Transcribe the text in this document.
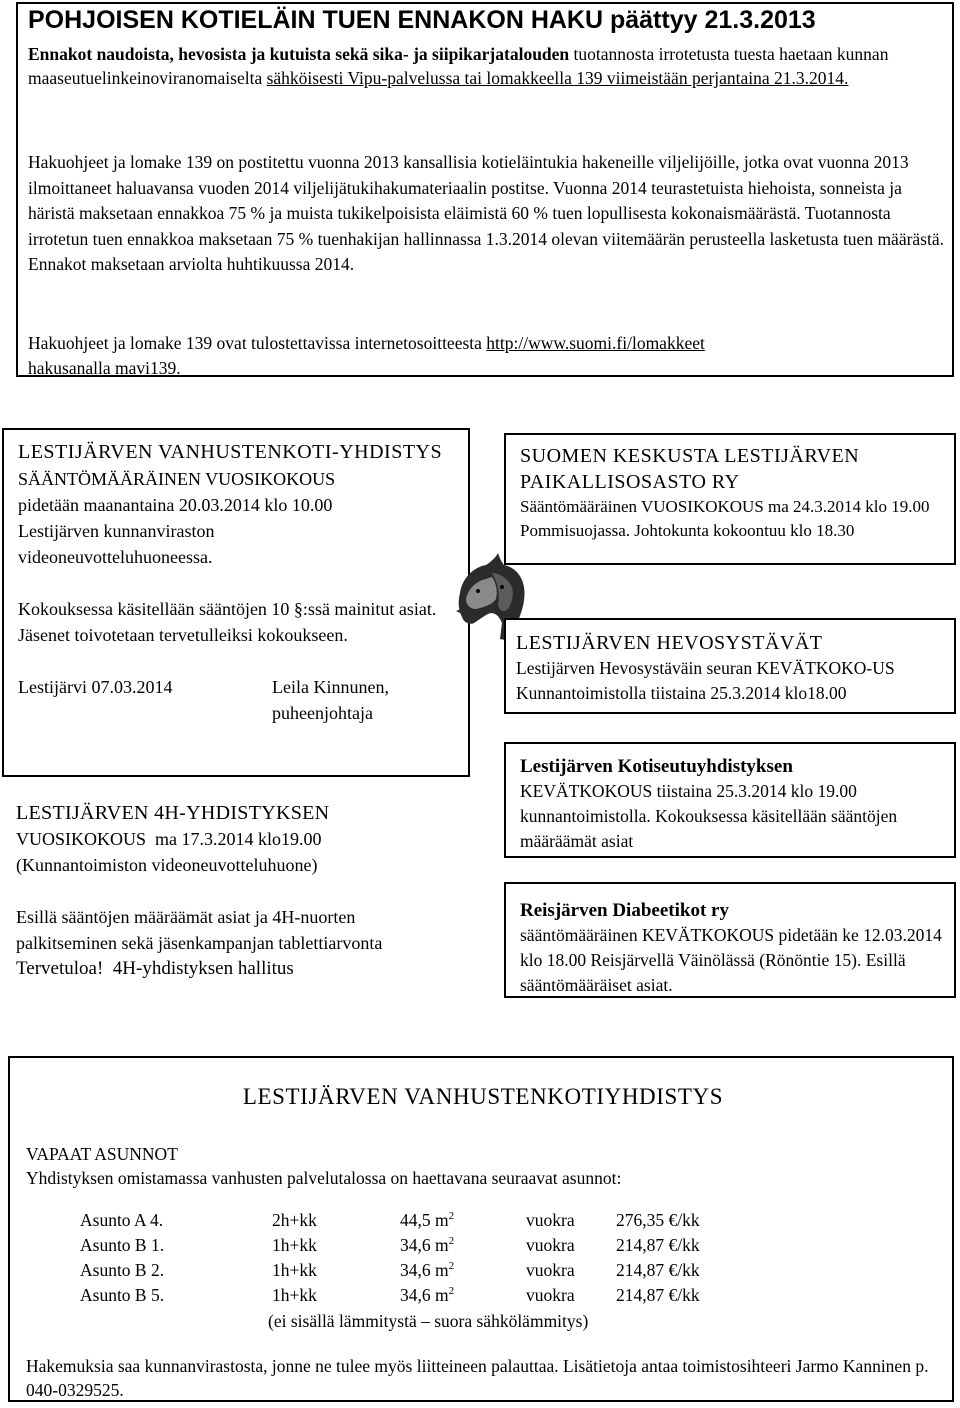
POHJOISEN KOTIELÄIN TUEN ENNAKON HAKU päättyy 21.3.2013

Ennakot naudoista, hevosista ja kutuista sekä sika- ja siipikarjatalouden tuotannosta irrotetusta tuesta haetaan kunnan maaseutuelinkeinoviranomaiselta sähköisesti Vipu-palvelussa tai lomakkeella 139 viimeistään perjantaina 21.3.2014.

Hakuohjeet ja lomake 139 on postitettu vuonna 2013 kansallisia kotieläintukia hakeneille viljelijöille, jotka ovat vuonna 2013 ilmoittaneet haluavansa vuoden 2014 viljelijätukihakumateriaalin postitse. Vuonna 2014 teurastetuista hiehoista, sonneista ja häristä maksetaan ennakkoa 75 % ja muista tukikelpoisista eläimistä 60 % tuen lopullisesta kokonaismäärästä. Tuotannosta irrotetun tuen ennakkoa maksetaan 75 % tuenhakijan hallinnassa 1.3.2014 olevan viitemäärän perusteella lasketusta tuen määrästä. Ennakot maksetaan arviolta huhtikuussa 2014.

Hakuohjeet ja lomake 139 ovat tulostettavissa internetosoitteesta http://www.suomi.fi/lomakkeet
hakusanalla mavi139.

LESTIJÄRVEN VANHUSTENKOTI-YHDISTYS
SÄÄNTÖMÄÄRÄINEN VUOSIKOKOUS
pidetään maanantaina 20.03.2014 klo 10.00
Lestijärven kunnanviraston
videoneuvotteluhuoneessa.
Kokouksessa käsitellään sääntöjen 10 §:ssä mainitut asiat. Jäsenet toivotetaan tervetulleiksi kokoukseen.
Lestijärvi 07.03.2014	Leila Kinnunen,
puheenjohtaja
LESTIJÄRVEN 4H-YHDISTYKSEN
VUOSIKOKOUS  ma 17.3.2014 klo19.00
(Kunnantoimiston videoneuvotteluhuone)
Esillä sääntöjen määräämät asiat ja 4H-nuorten palkitseminen sekä jäsenkampanjan tablettiarvonta
Tervetuloa!  4H-yhdistyksen hallitus
SUOMEN KESKUSTA LESTIJÄRVEN
PAIKALLISOSASTO RY
Sääntömääräinen VUOSIKOKOUS ma 24.3.2014 klo 19.00 Pommisuojassa. Johtokunta kokoontuu klo 18.30
LESTIJÄRVEN HEVOSYSTÄVÄT
Lestijärven Hevosystäväin seuran KEVÄTKOKO-US Kunnantoimistolla tiistaina 25.3.2014 klo18.00
Lestijärven Kotiseutuyhdistyksen
KEVÄTKOKOUS tiistaina 25.3.2014 klo 19.00 kunnantoimistolla. Kokouksessa käsitellään sääntöjen määräämät asiat
Reisjärven Diabeetikot ry
sääntömääräinen KEVÄTKOKOUS pidetään ke 12.03.2014 klo 18.00 Reisjärvellä Väinölässä (Rönöntie 15). Esillä sääntömääräiset asiat.
LESTIJÄRVEN VANHUSTENKOTIYHDISTYS
VAPAAT ASUNNOT
Yhdistyksen omistamassa vanhusten palvelutalossa on haettavana seuraavat asunnot:
Asunto A 4.	2h+kk	44,5 $m^2$	vuokra 276,35 €/kk
Asunto B 1.	1h+kk	34,6 $m^2$	vuokra 214,87 €/kk
Asunto B 2.	1h+kk	34,6 $m^2$	vuokra 214,87 €/kk
Asunto B 5.	1h+kk	34,6 $m^2$	vuokra 214,87 €/kk
(ei sisällä lämmitystä – suora sähkölämmitys)
Hakemuksia saa kunnanvirastosta, jonne ne tulee myös liitteineen palauttaa. Lisätietoja antaa toimistosihteeri Jarmo Kanninen p. 040-0329525.
